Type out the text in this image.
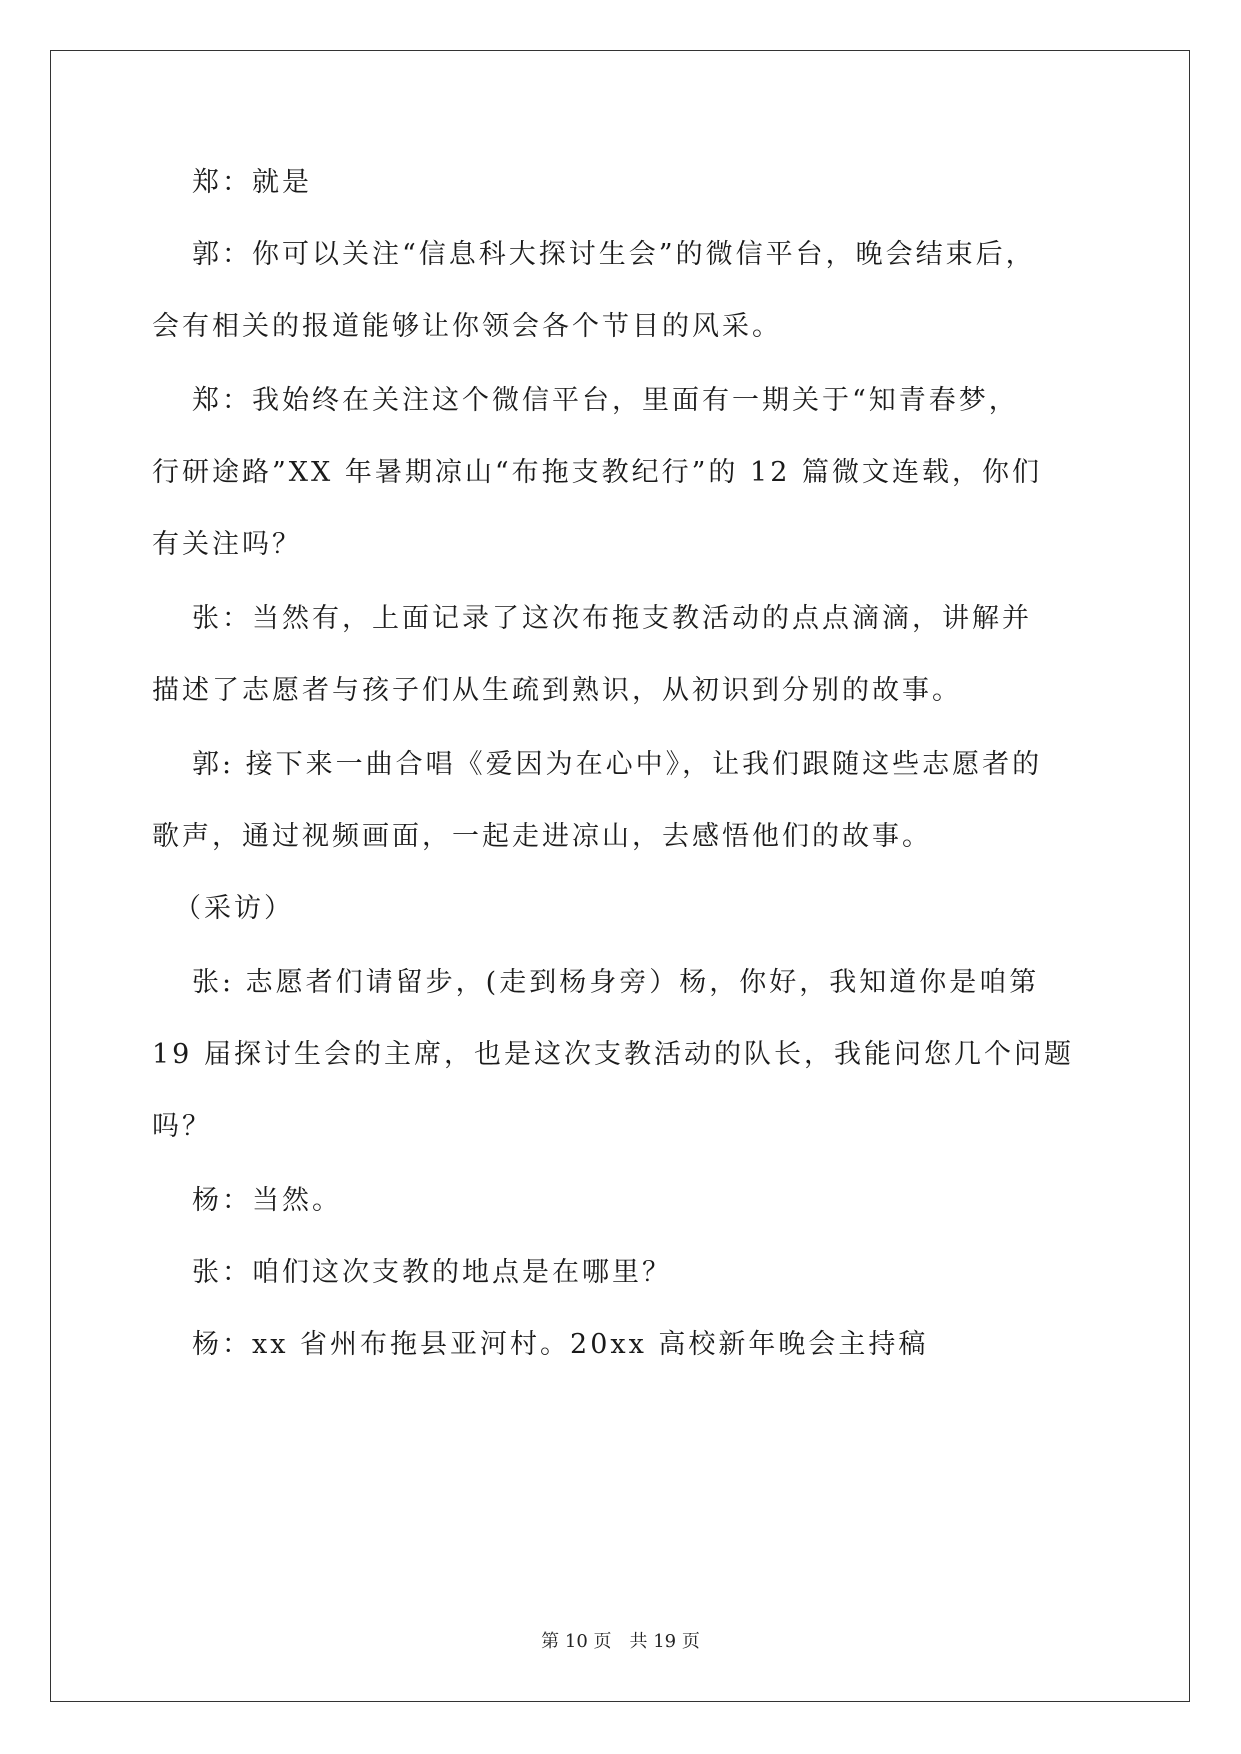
郑：就是
郭：你可以关注“信息科大探讨生会”的微信平台，晚会结束后，
会有相关的报道能够让你领会各个节目的风采。
郑：我始终在关注这个微信平台，里面有一期关于“知青春梦，
行研途路”XX 年暑期凉山“布拖支教纪行”的 12 篇微文连载，你们
有关注吗？
张：当然有，上面记录了这次布拖支教活动的点点滴滴，讲解并
描述了志愿者与孩子们从生疏到熟识，从初识到分别的故事。
郭: 接下来一曲合唱《爱因为在心中》，让我们跟随这些志愿者的
歌声，通过视频画面，一起走进凉山，去感悟他们的故事。
（采访）
张: 志愿者们请留步，(走到杨身旁）杨，你好，我知道你是咱第
19 届探讨生会的主席，也是这次支教活动的队长，我能问您几个问题
吗？
杨：当然。
张：咱们这次支教的地点是在哪里？
杨：xx 省州布拖县亚河村。20xx 高校新年晚会主持稿
第 10 页 共 19 页
